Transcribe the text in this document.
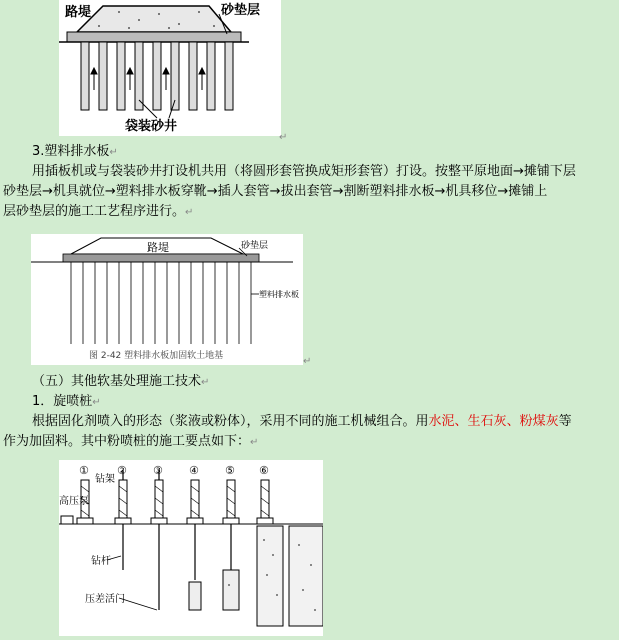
路堤	砂垫层
袋装砂井
↵
3.塑料排水板↵
用插板机或与袋装砂井打设机共用（将圆形套管换成矩形套管）打设。按整平原地面→摊铺下层
砂垫层→机具就位→塑料排水板穿靴→插人套管→拔出套管→割断塑料排水板→机具移位→摊铺上
层砂垫层的施工工艺程序进行。↵
路堤	砂垫层
塑料排水板
图 2-42 塑料排水板加固软土地基	↵
（五）其他软基处理施工技术↵
1．旋喷桩↵
根据固化剂喷入的形态（浆液或粉体），采用不同的施工机械组合。用水泥、生石灰、粉煤灰等
作为加固料。其中粉喷桩的施工要点如下：↵
①	② ③ ④ ⑤ ⑥
高压泵
钻架
钻杆
压差活门
